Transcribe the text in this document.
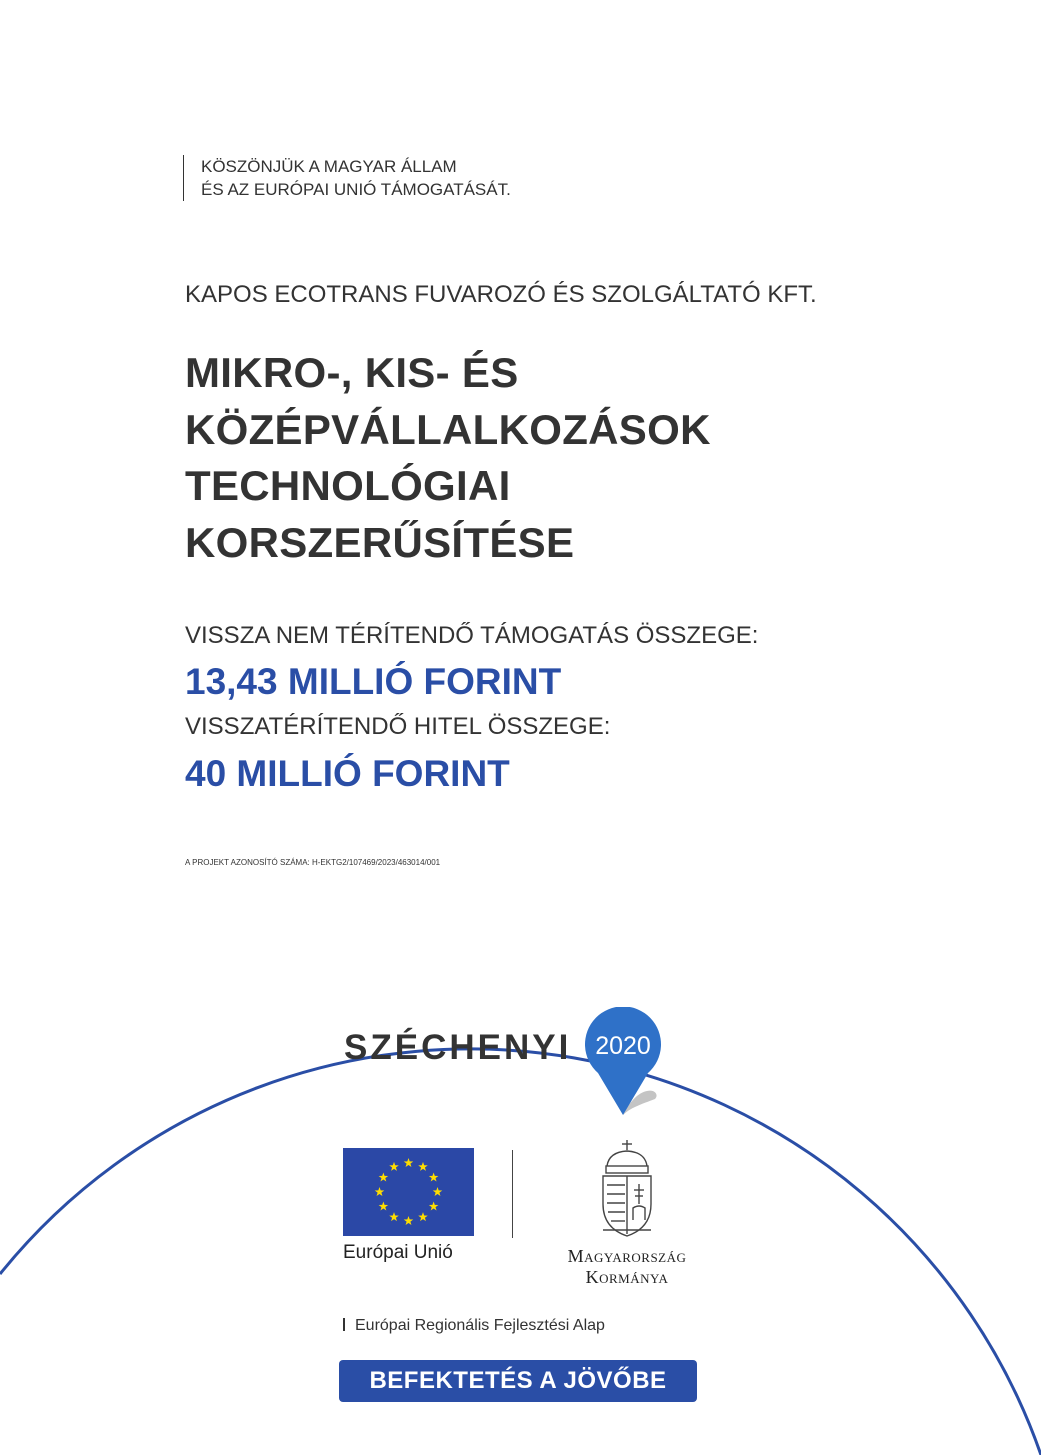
KÖSZÖNJÜK A MAGYAR ÁLLAM
ÉS AZ EURÓPAI UNIÓ TÁMOGATÁSÁT.
KAPOS ECOTRANS FUVAROZÓ ÉS SZOLGÁLTATÓ KFT.
MIKRO-, KIS- ÉS
KÖZÉPVÁLLALKOZÁSOK
TECHNOLÓGIAI
KORSZERŰSÍTÉSE
VISSZA NEM TÉRÍTENDŐ TÁMOGATÁS ÖSSZEGE:
13,43 MILLIÓ FORINT
VISSZATÉRÍTENDŐ HITEL ÖSSZEGE:
40 MILLIÓ FORINT
A PROJEKT AZONOSÍTÓ SZÁMA: H-EKTG2/107469/2023/463014/001
SZÉCHENYI 2020
Európai Unió	Magyarország
Kormánya
Európai Regionális Fejlesztési Alap
BEFEKTETÉS A JÖVŐBE
